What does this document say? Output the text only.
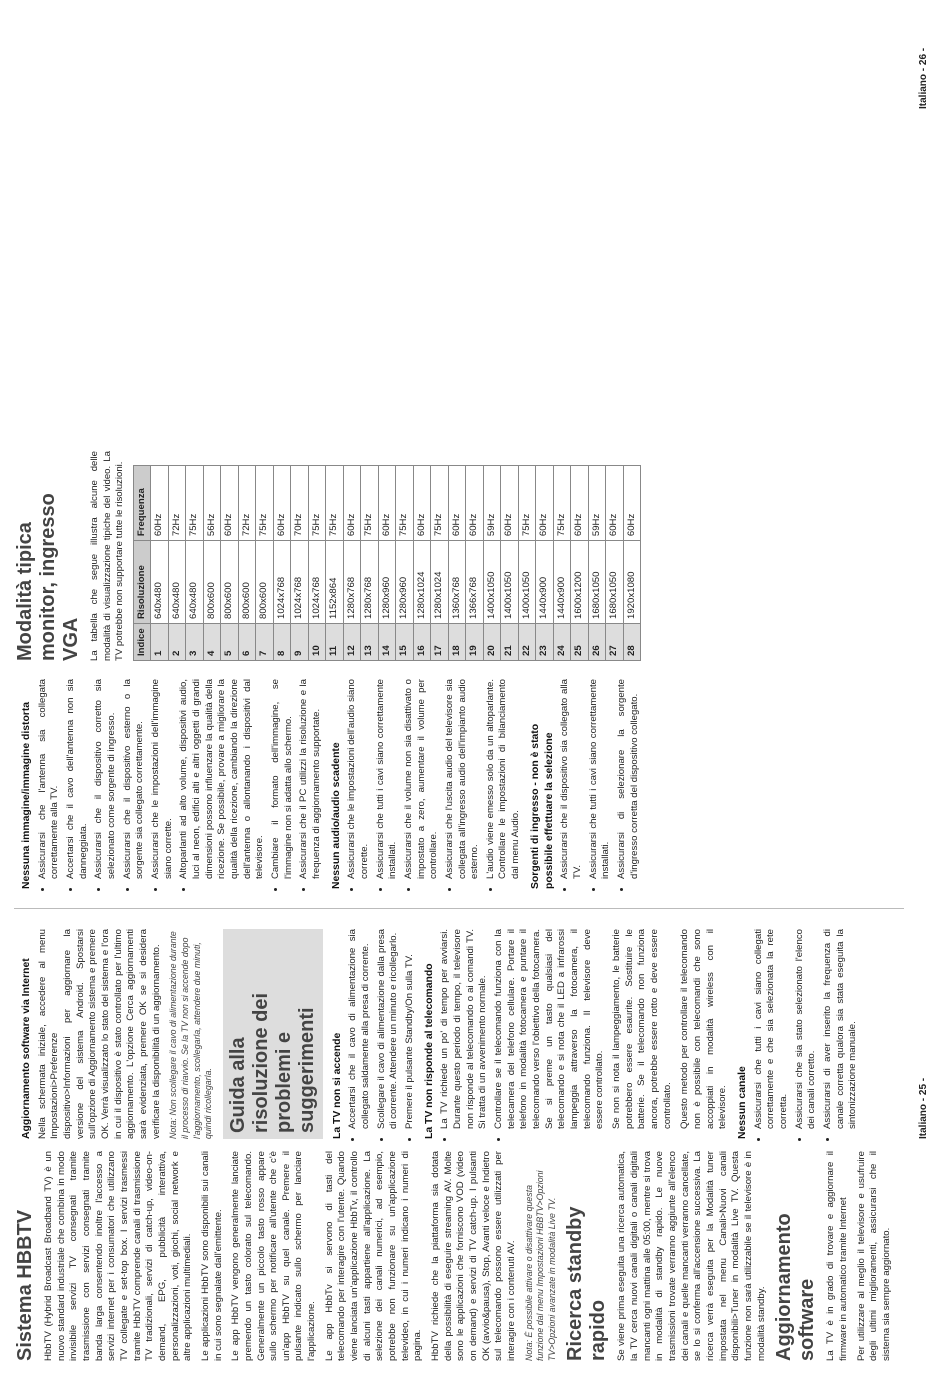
Sistema HBBTV HbbTV (Hybrid Broadcast Broadband TV) è un nuovo standard industriale che combina in modo invisibile servizi TV consegnati tramite trasmissione con servizi consegnati tramite banda larga consentendo inoltre l'accesso a servizi internet per i consumatori che utilizzano TV collegate e set-top box. I servizi trasmessi tramite HbbTV comprende canali di trasmissione TV tradizionali, servizi di catch-up, video-on-demand, EPG, pubblicità interattiva, personalizzazioni, voti, giochi, social network e altre applicazioni multimediali. Le applicazioni HbbTV sono disponibili sui canali in cui sono segnalate dall'emittente. Le app HbbTV vengono generalmente lanciate premendo un tasto colorato sul telecomando. Generalmente un piccolo tasto rosso appare sullo schermo per notificare all'utente che c'è un'app HbbTV su quel canale. Premere il pulsante indicato sullo schermo per lanciare l'applicazione. Le app HbbTv si servono di tasti del telecomando per interagire con l'utente. Quando viene lanciata un'applicazione HbbTv, il controllo di alcuni tasti appartiene all'applicazione. La selezione dei canali numerici, ad esempio, potrebbe non funzionare su un'applicazione televideo, in cui i numeri indicano i numeri di pagina. HbbTV richiede che la piattaforma sia dotata della possibilità di eseguire streaming AV. Molte sono le applicazioni che forniscono VOD (video on demand) e servizi di TV catch-up. I pulsanti OK (avvio&pausa), Stop, Avanti veloce e Indietro sul telecomando possono essere utilizzati per interagire con i contenuti AV. Nota: È possibile attivare o disattivare questa funzione dal menu Impostazioni HBBTV>Opzioni TV>Opzioni avanzate in modalità Live TV. Ricerca standby rapido Se viene prima eseguita una ricerca automatica, la TV cerca nuovi canali digitali o canali digitali mancanti ogni mattina alle 05:00, mentre si trova in modalità di standby rapido. Le nuove trasmissioni trovate verranno aggiunte all'elenco dei canali e quelle mancanti verranno cancellate, se lo si conferma all'accensione successiva. La ricerca verrà eseguita per la Modalità tuner impostata nel menu Canali>Nuovi canali disponibili>Tuner in modalità Live TV. Questa funzione non sarà utilizzabile se il televisore è in modalità standby. Aggiornamento software La TV è in grado di trovare e aggiornare il firmware in automatico tramite Internet Per utilizzare al meglio il televisore e usufruire degli ultimi miglioramenti, assicurarsi che il sistema sia sempre aggiornato.

Aggiornamento software via Internet Nella schermata iniziale, accedere al menu Impostazioni>Preferenze dispositivo>Informazioni per aggiornare la versione del sistema Android. Spostarsi sull'opzione di Aggiornamento sistema e premere OK. Verrà visualizzato lo stato del sistema e l'ora in cui il dispositivo è stato controllato per l'ultimo aggiornamento. L'opzione Cerca aggiornamenti sarà evidenziata, premere OK se si desidera verificare la disponibilità di un aggiornamento. Nota: Non scollegare il cavo di alimentazione durante il processo di riavvio. Se la TV non si accende dopo l'aggiornamento, scollegarla, attendere due minuti, quindi ricollegarla. Guida alla risoluzione dei problemi e suggerimenti	La TV non si accende • Accertarsi che il cavo di alimentazione sia collegato saldamente alla presa di corrente. • Scollegare il cavo di alimentazione dalla presa di corrente. Attendere un minuto e ricollegarlo. • Premere il pulsante Standby/On sulla TV. La TV non risponde al telecomando • La TV richiede un po' di tempo per avviarsi. Durante questo periodo di tempo, il televisore non risponde al telecomando o ai comandi TV. Si tratta di un avvenimento normale. • Controllare se il telecomando funziona con la telecamera del telefono cellulare. Portare il telefono in modalità fotocamera e puntare il telecomando verso l'obiettivo della fotocamera. Se si preme un tasto qualsiasi del telecomando e si nota che il LED a infrarossi lampeggia attraverso la fotocamera, il telecomando funziona. Il televisore deve essere controllato. Se non si nota il lampeggiamento, le batterie potrebbero essere esaurite. Sostituire le batterie. Se il telecomando non funziona ancora, potrebbe essere rotto e deve essere controllato. Questo metodo per controllare il telecomando non è possibile con telecomandi che sono accoppiati in modalità wireless con il televisore. Nessun canale • Assicurarsi che tutti i cavi siano collegati correttamente e che sia selezionata la rete corretta. • Assicurarsi che sia stato selezionato l'elenco dei canali corretto. • Assicurarsi di aver inserito la frequenza di canale corretta qualora sia stata eseguita la sintonizzazione manuale.
Nessuna immagine/immagine distorta • Assicurarsi che l'antenna sia collegata correttamente alla TV. • Accertarsi che il cavo dell'antenna non sia danneggiata. • Assicurarsi che il dispositivo corretto sia selezionato come sorgente di ingresso. • Assicurarsi che il dispositivo esterno o la sorgente sia collegato correttamente. • Assicurarsi che le impostazioni dell'immagine siano corrette. • Altoparlanti ad alto volume, dispositivi audio, luci al neon, edifici alti e altri oggetti di grandi dimensioni possono influenzare la qualità della ricezione. Se possibile, provare a migliorare la qualità della ricezione, cambiando la direzione dell'antenna o allontanando i dispositivi dal televisore. • Cambiare il formato dell'immagine, se l'immagine non si adatta allo schermo. • Assicurarsi che il PC utilizzi la risoluzione e la frequenza di aggiornamento supportate. Nessun audio/audio scadente • Assicurarsi che le impostazioni dell'audio siano corrette. • Assicurarsi che tutti i cavi siano correttamente installati. • Assicurarsi che il volume non sia disattivato o impostato a zero, aumentare il volume per controllare. • Assicurarsi che l'uscita audio del televisore sia collegata all'ingresso audio dell'impianto audio esterno. • L'audio viene emesso solo da un altoparlante. Controllare le impostazioni di bilanciamento dal menu Audio. Sorgenti di ingresso - non è stato possibile effettuare la selezione • Assicurarsi che il dispositivo sia collegato alla TV. • Assicurarsi che tutti i cavi siano correttamente installati. • Assicurarsi di selezionare la sorgente d'ingresso corretta del dispositivo collegato.
Modalità tipica monitor, ingresso VGA La tabella che segue illustra alcune delle modalità di visualizzazione tipiche del video. La TV potrebbe non supportare tutte le risoluzioni. Indice	Risoluzione	Frequenza
1	640x480	60Hz
2	640x480	72Hz
3	640x480	75Hz
4	800x600	56Hz
5	800x600	60Hz
6	800x600	72Hz
7	800x600	75Hz
8	1024x768	60Hz
9	1024x768	70Hz
10	1024x768	75Hz
11	1152x864	75Hz
12	1280x768	60Hz
13	1280x768	75Hz
14	1280x960	60Hz
15	1280x960	75Hz
16	1280x1024	60Hz
17	1280x1024	75Hz
18	1360x768	60Hz
19	1366x768	60Hz
20	1400x1050	59Hz
21	1400x1050	60Hz
22	1400x1050	75Hz
23	1440x900	60Hz
24	1440x900	75Hz
25	1600x1200	60Hz
26	1680x1050	59Hz
27	1680x1050	60Hz
28	1920x1080	60Hz
Italiano - 25 -
Italiano - 26 -
